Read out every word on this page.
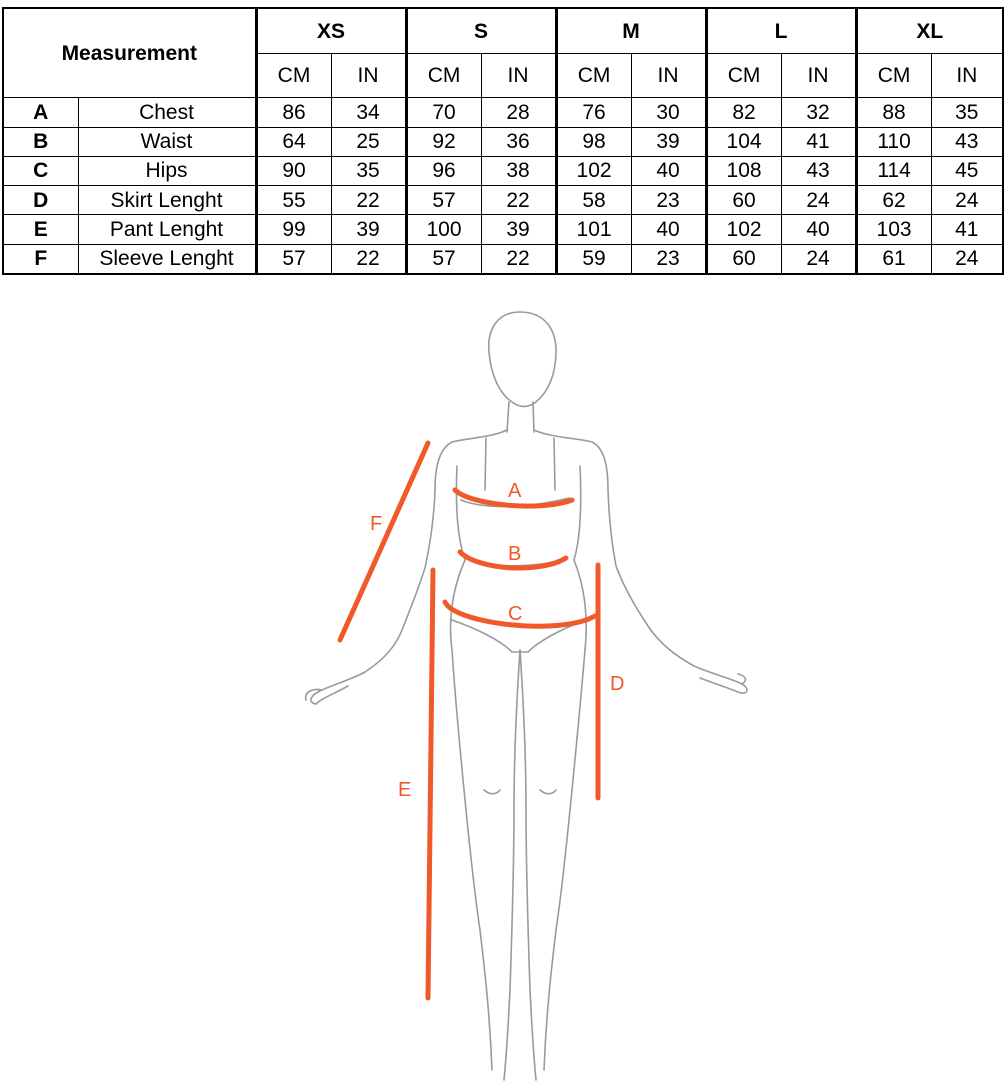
Measurement		XS		S		M		L		XL	
		CM	IN	CM	IN	CM	IN	CM	IN	CM	IN
A	Chest	86	34	70	28	76	30	82	32	88	35
B	Waist	64	25	92	36	98	39	104	41	110	43
C	Hips	90	35	96	38	102	40	108	43	114	45
D	Skirt Lenght	55	22	57	22	58	23	60	24	62	24
E	Pant Lenght	99	39	100	39	101	40	102	40	103	41
F	Sleeve Lenght	57	22	57	22	59	23	60	24	61	24
A
B
C
D
E
F
